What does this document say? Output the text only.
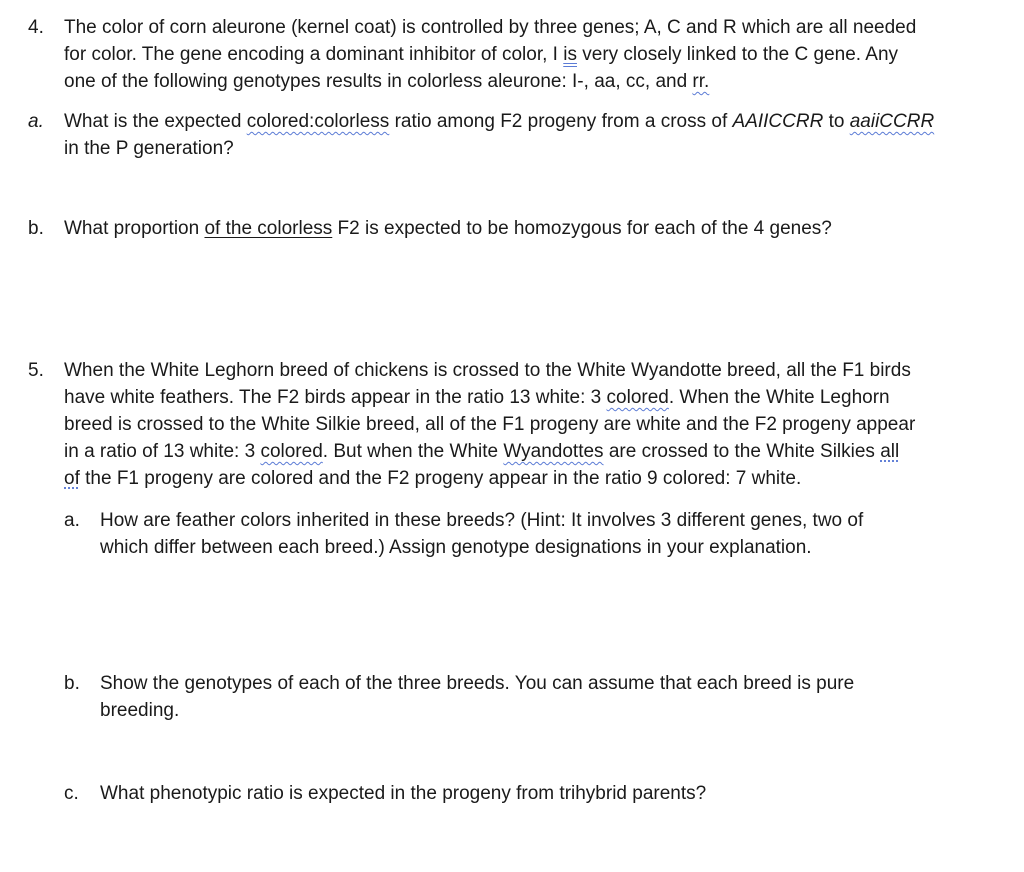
4.	The color of corn aleurone (kernel coat) is controlled by three genes; A, C and R which are all needed
for color. The gene encoding a dominant inhibitor of color, I is very closely linked to the C gene. Any
one of the following genotypes results in colorless aleurone: I-, aa, cc, and rr.
a.	What is the expected colored:colorless ratio among F2 progeny from a cross of AAIICCRR to aaiiCCRR
in the P generation?
b.	What proportion of the colorless F2 is expected to be homozygous for each of the 4 genes?
5.	When the White Leghorn breed of chickens is crossed to the White Wyandotte breed, all the F1 birds
have white feathers. The F2 birds appear in the ratio 13 white: 3 colored. When the White Leghorn
breed is crossed to the White Silkie breed, all of the F1 progeny are white and the F2 progeny appear
in a ratio of 13 white: 3 colored. But when the White Wyandottes are crossed to the White Silkies all
of the F1 progeny are colored and the F2 progeny appear in the ratio 9 colored: 7 white.
a.	How are feather colors inherited in these breeds? (Hint: It involves 3 different genes, two of
which differ between each breed.) Assign genotype designations in your explanation.
b.	Show the genotypes of each of the three breeds. You can assume that each breed is pure
breeding.
c.	What phenotypic ratio is expected in the progeny from trihybrid parents?
